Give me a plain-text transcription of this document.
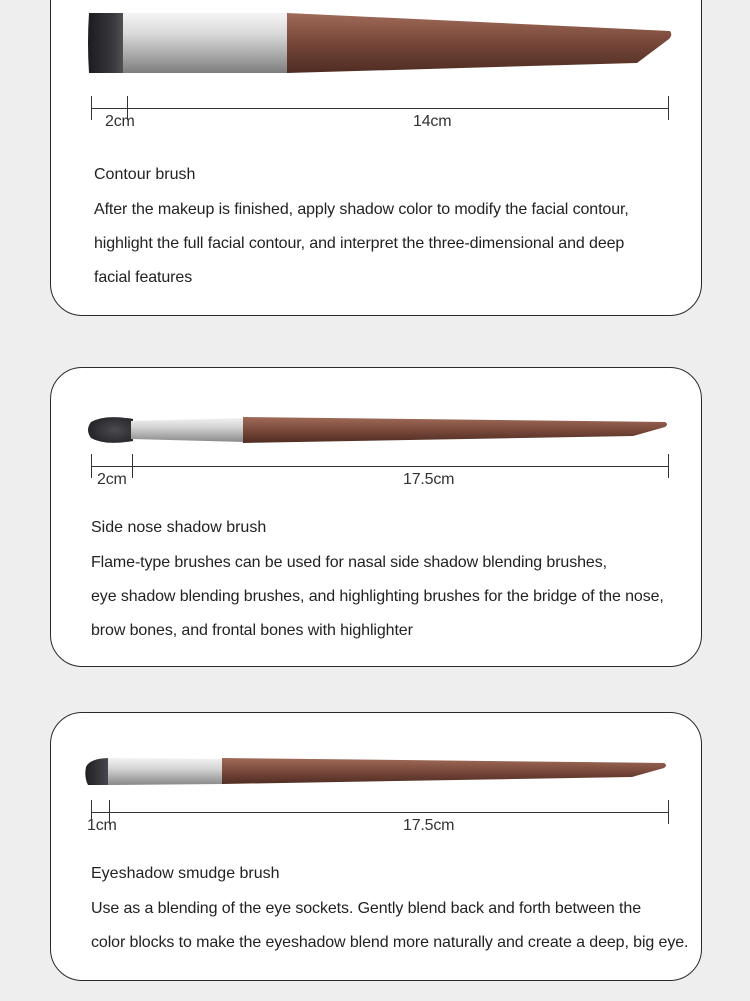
2cm	14cm
Contour brush
After the makeup is finished, apply shadow color to modify the facial contour,
highlight the full facial contour, and interpret the three-dimensional and deep
facial features
2cm	17.5cm
Side nose shadow brush
Flame-type brushes can be used for nasal side shadow blending brushes,
eye shadow blending brushes, and highlighting brushes for the bridge of the nose,
brow bones, and frontal bones with highlighter
1cm	17.5cm
Eyeshadow smudge brush
Use as a blending of the eye sockets. Gently blend back and forth between the
color blocks to make the eyeshadow blend more naturally and create a deep, big eye.
